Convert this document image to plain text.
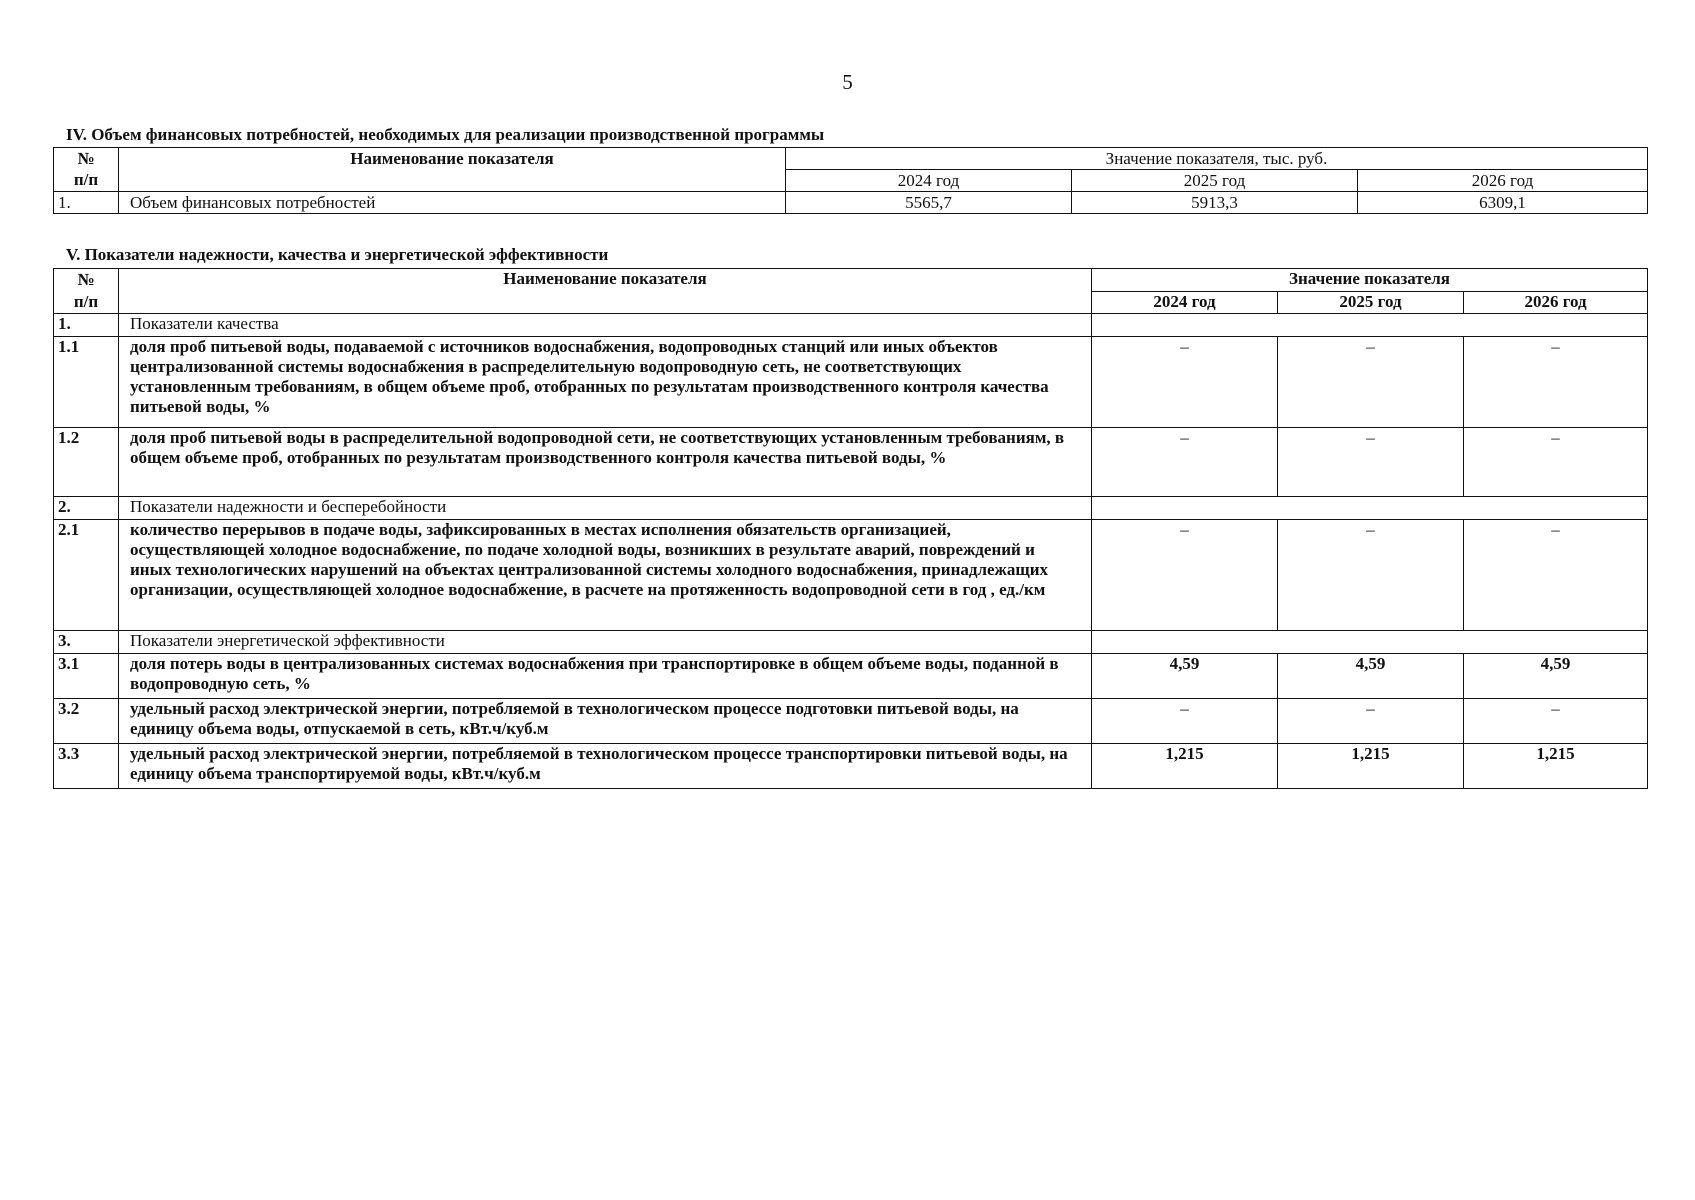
5
IV. Объем финансовых потребностей, необходимых для реализации производственной программы
№
п/п	Наименование показателя	Значение показателя, тыс. руб.		
		2024 год	2025 год	2026 год
1.	Объем финансовых потребностей	5565,7	5913,3	6309,1
V. Показатели надежности, качества и энергетической эффективности
№
п/п	Наименование показателя	Значение показателя		
		2024 год	2025 год	2026 год
1.	Показатели качества			
1.1	доля проб питьевой воды, подаваемой с источников водоснабжения, водопроводных станций или иных объектов централизованной системы водоснабжения в распределительную водопроводную сеть, не соответствующих установленным требованиям, в общем объеме проб, отобранных по результатам производственного контроля качества питьевой воды, %	–	–	–
1.2	доля проб питьевой воды в распределительной водопроводной сети, не соответствующих установленным требованиям, в общем объеме проб, отобранных по результатам производственного контроля качества питьевой воды, %	–	–	–
2.	Показатели надежности и бесперебойности			
2.1	количество перерывов в подаче воды, зафиксированных в местах исполнения обязательств организацией, осуществляющей холодное водоснабжение, по подаче холодной воды, возникших в результате аварий, повреждений и иных технологических нарушений на объектах централизованной системы холодного водоснабжения, принадлежащих организации, осуществляющей холодное водоснабжение, в расчете на протяженность водопроводной сети в год , ед./км	–	–	–
3.	Показатели энергетической эффективности			
3.1	доля потерь воды в централизованных системах водоснабжения при транспортировке в общем объеме воды, поданной в водопроводную сеть, %	4,59	4,59	4,59
3.2	удельный расход электрической энергии, потребляемой в технологическом процессе подготовки питьевой воды, на единицу объема воды, отпускаемой в сеть, кВт.ч/куб.м	–	–	–
3.3	удельный расход электрической энергии, потребляемой в технологическом процессе транспортировки питьевой воды, на единицу объема транспортируемой воды, кВт.ч/куб.м	1,215	1,215	1,215
